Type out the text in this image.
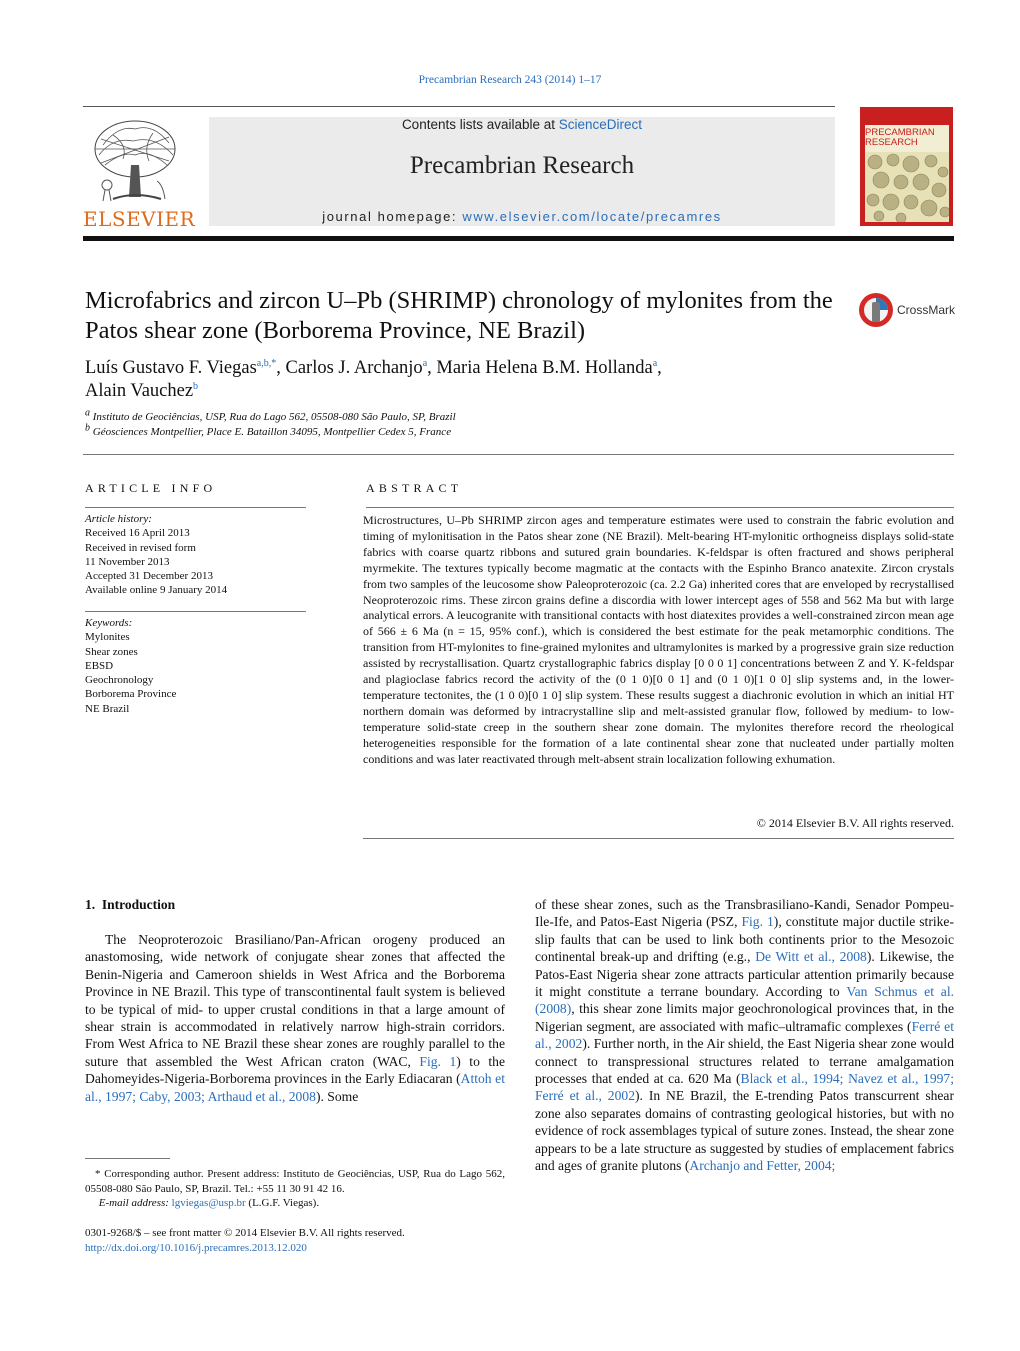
Precambrian Research 243 (2014) 1–17
ELSEVIER
Contents lists available at ScienceDirect
Precambrian Research
journal homepage: www.elsevier.com/locate/precamres
PRECAMBRIAN
RESEARCH
Microfabrics and zircon U–Pb (SHRIMP) chronology of mylonites from the Patos shear zone (Borborema Province, NE Brazil)
CrossMark
Luís Gustavo F. Viegas$^{a,b,*}$, Carlos J. Archanjo$^a$, Maria Helena B.M. Hollanda$^a$,
Alain Vauchez$^b$
$^a$ Instituto de Geociências, USP, Rua do Lago 562, 05508-080 São Paulo, SP, Brazil
$^b$ Géosciences Montpellier, Place E. Bataillon 34095, Montpellier Cedex 5, France
ARTICLE INFO	ABSTRACT
Article history:
Received 16 April 2013
Received in revised form
11 November 2013
Accepted 31 December 2013
Available online 9 January 2014
Keywords:
Mylonites
Shear zones
EBSD
Geochronology
Borborema Province
NE Brazil
Microstructures, U–Pb SHRIMP zircon ages and temperature estimates were used to constrain the fabric evolution and timing of mylonitisation in the Patos shear zone (NE Brazil). Melt-bearing HT-mylonitic orthogneiss displays solid-state fabrics with coarse quartz ribbons and sutured grain boundaries. K-feldspar is often fractured and shows peripheral myrmekite. The textures typically become magmatic at the contacts with the Espinho Branco anatexite. Zircon crystals from two samples of the leucosome show Paleoproterozoic (ca. 2.2 Ga) inherited cores that are enveloped by recrystallised Neoproterozoic rims. These zircon grains define a discordia with lower intercept ages of 558 and 562 Ma but with large analytical errors. A leucogranite with transitional contacts with host diatexites provides a well-constrained zircon mean age of 566 ± 6 Ma (n = 15, 95% conf.), which is considered the best estimate for the peak metamorphic conditions. The transition from HT-mylonites to fine-grained mylonites and ultramylonites is marked by a progressive grain size reduction assisted by recrystallisation. Quartz crystallographic fabrics display [0 0 0 1] concentrations between Z and Y. K-feldspar and plagioclase fabrics record the activity of the (0 1 0)[0 0 1] and (0 1 0)[1 0 0] slip systems and, in the lower-temperature tectonites, the (1 0 0)[0 1 0] slip system. These results suggest a diachronic evolution in which an initial HT northern domain was deformed by intracrystalline slip and melt-assisted granular flow, followed by medium- to low-temperature solid-state creep in the southern shear zone domain. The mylonites therefore record the rheological heterogeneities responsible for the formation of a late continental shear zone that nucleated under partially molten conditions and was later reactivated through melt-absent strain localization following exhumation.
© 2014 Elsevier B.V. All rights reserved.
1. Introduction
The Neoproterozoic Brasiliano/Pan-African orogeny produced an anastomosing, wide network of conjugate shear zones that affected the Benin-Nigeria and Cameroon shields in West Africa and the Borborema Province in NE Brazil. This type of transcontinental fault system is believed to be typical of mid- to upper crustal conditions in that a large amount of shear strain is accommodated in relatively narrow high-strain corridors. From West Africa to NE Brazil these shear zones are roughly parallel to the suture that assembled the West African craton (WAC, Fig. 1) to the Dahomeyides-Nigeria-Borborema provinces in the Early Ediacaran (Attoh et al., 1997; Caby, 2003; Arthaud et al., 2008). Some
of these shear zones, such as the Transbrasiliano-Kandi, Senador Pompeu-Ile-Ife, and Patos-East Nigeria (PSZ, Fig. 1), constitute major ductile strike-slip faults that can be used to link both continents prior to the Mesozoic continental break-up and drifting (e.g., De Witt et al., 2008). Likewise, the Patos-East Nigeria shear zone attracts particular attention primarily because it might constitute a terrane boundary. According to Van Schmus et al. (2008), this shear zone limits major geochronological provinces that, in the Nigerian segment, are associated with mafic–ultramafic complexes (Ferré et al., 2002). Further north, in the Air shield, the East Nigeria shear zone would connect to transpressional structures related to terrane amalgamation processes that ended at ca. 620 Ma (Black et al., 1994; Navez et al., 1997; Ferré et al., 2002). In NE Brazil, the E-trending Patos transcurrent shear zone also separates domains of contrasting geological histories, but with no evidence of rock assemblages typical of suture zones. Instead, the shear zone appears to be a late structure as suggested by studies of emplacement fabrics and ages of granite plutons (Archanjo and Fetter, 2004;
* Corresponding author. Present address: Instituto de Geociências, USP, Rua do Lago 562, 05508-080 São Paulo, SP, Brazil. Tel.: +55 11 30 91 42 16.
E-mail address: lgviegas@usp.br (L.G.F. Viegas).
0301-9268/$ – see front matter © 2014 Elsevier B.V. All rights reserved.
http://dx.doi.org/10.1016/j.precamres.2013.12.020
